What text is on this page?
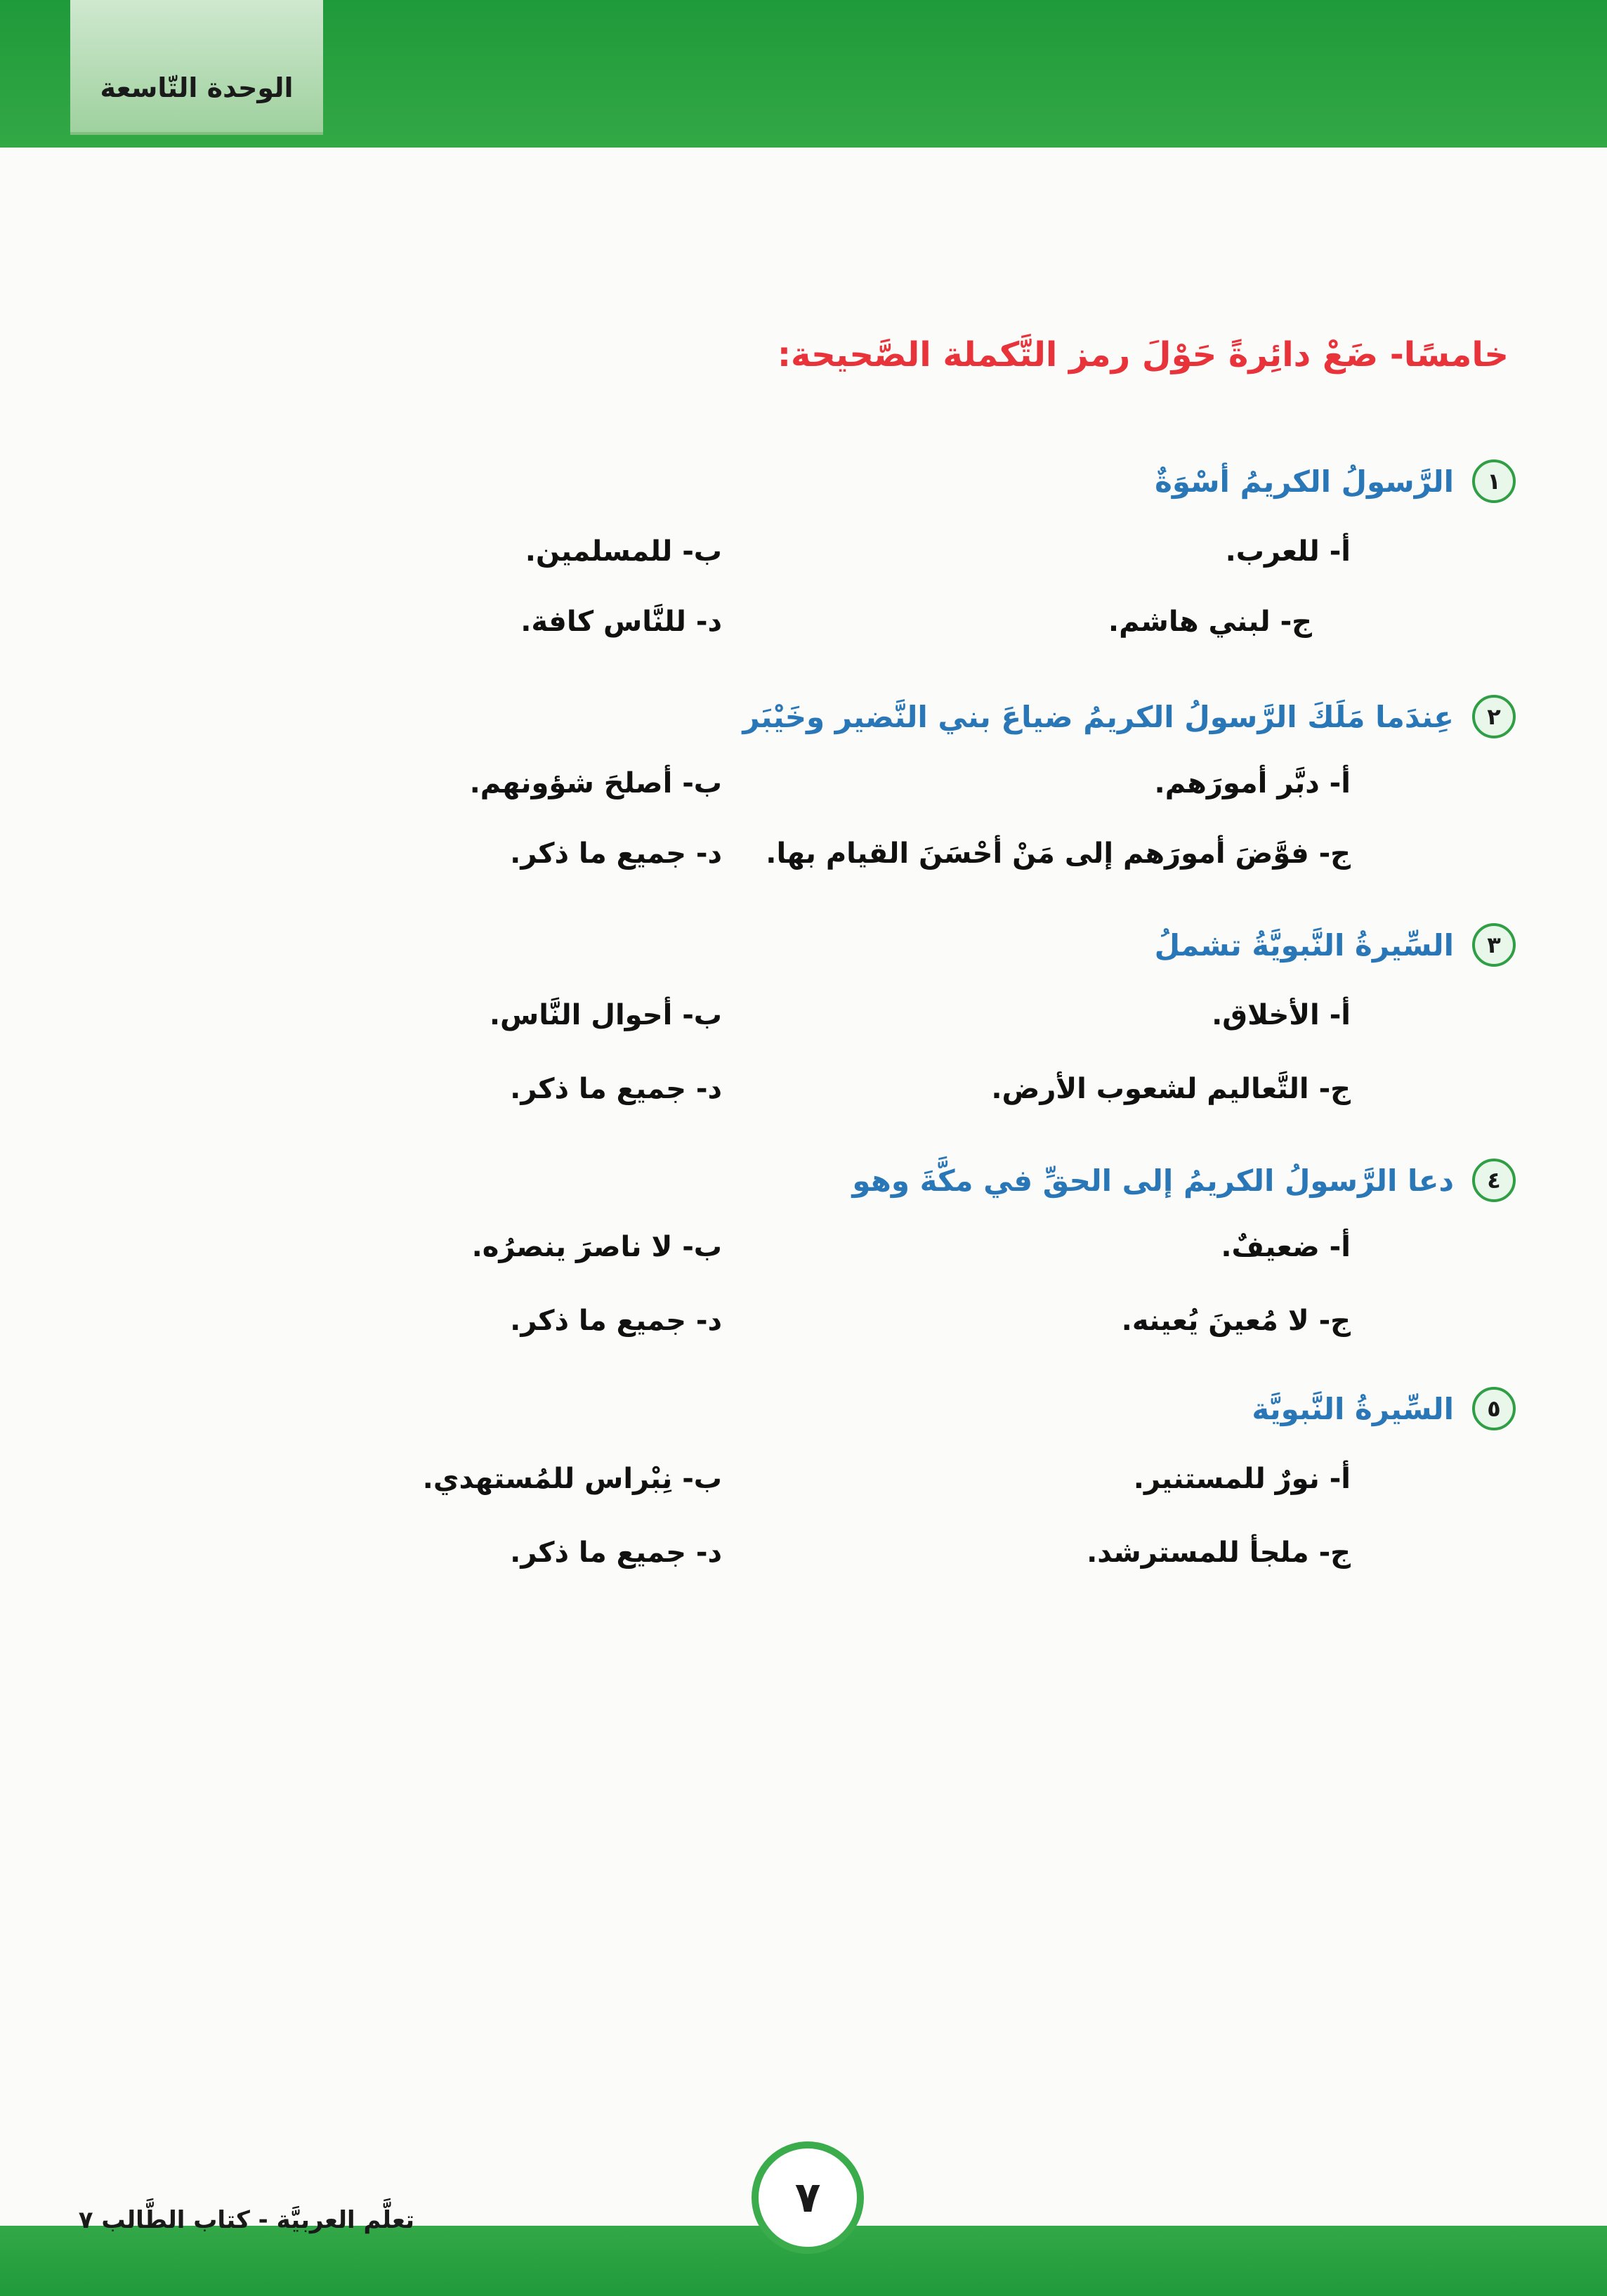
الوحدة التّاسعة
خامسًا- ضَعْ دائِرةً حَوْلَ رمز التَّكملة الصَّحيحة:
١
الرَّسولُ الكريمُ أسْوَةٌ
أ- للعرب.
ب- للمسلمين.
ج- لبني هاشم.
د- للنَّاس كافة.
٢
عِندَما مَلَكَ الرَّسولُ الكريمُ ضياعَ بني النَّضير وخَيْبَر
أ- دبَّر أمورَهم.
ب- أصلحَ شؤونهم.
ج- فوَّضَ أمورَهم إلى مَنْ أحْسَنَ القيام بها.
د- جميع ما ذكر.
٣
السِّيرةُ النَّبويَّةُ تشملُ
أ- الأخلاق.
ب- أحوال النَّاس.
ج- التَّعاليم لشعوب الأرض.
د- جميع ما ذكر.
٤
دعا الرَّسولُ الكريمُ إلى الحقِّ في مكَّةَ وهو
أ- ضعيفٌ.
ب- لا ناصرَ ينصرُه.
ج- لا مُعينَ يُعينه.
د- جميع ما ذكر.
٥
السِّيرةُ النَّبويَّة
أ- نورٌ للمستنير.
ب- نِبْراس للمُستهدي.
ج- ملجأ للمسترشد.
د- جميع ما ذكر.
٧
تعلَّم العربيَّة - كتاب الطَّالب ٧
